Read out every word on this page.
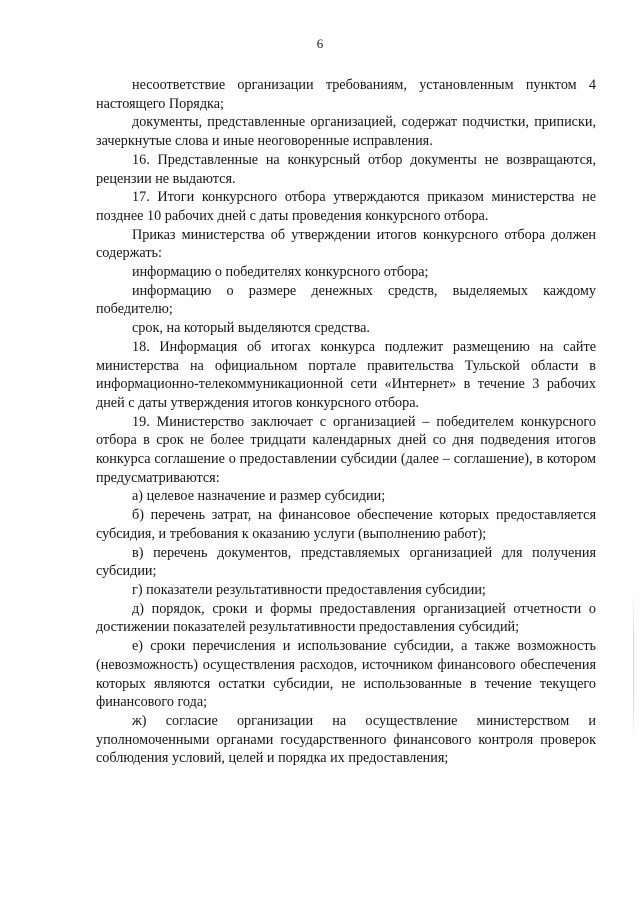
6

несоответствие организации требованиям, установленным пунктом 4 настоящего Порядка;

документы, представленные организацией, содержат подчистки, приписки, зачеркнутые слова и иные неоговоренные исправления.

16. Представленные на конкурсный отбор документы не возвращаются, рецензии не выдаются.

17. Итоги конкурсного отбора утверждаются приказом министерства не позднее 10 рабочих дней с даты проведения конкурсного отбора.

Приказ министерства об утверждении итогов конкурсного отбора должен содержать:

информацию о победителях конкурсного отбора;

информацию о размере денежных средств, выделяемых каждому победителю;

срок, на который выделяются средства.

18. Информация об итогах конкурса подлежит размещению на сайте министерства на официальном портале правительства Тульской области в информационно-телекоммуникационной сети «Интернет» в течение 3 рабочих дней с даты утверждения итогов конкурсного отбора.

19. Министерство заключает с организацией – победителем конкурсного отбора в срок не более тридцати календарных дней со дня подведения итогов конкурса соглашение о предоставлении субсидии (далее – соглашение), в котором предусматриваются:

а) целевое назначение и размер субсидии;

б) перечень затрат, на финансовое обеспечение которых предоставляется субсидия, и требования к оказанию услуги (выполнению работ);

в) перечень документов, представляемых организацией для получения субсидии;

г) показатели результативности предоставления субсидии;

д) порядок, сроки и формы предоставления организацией отчетности о достижении показателей результативности предоставления субсидий;

е) сроки перечисления и использование субсидии, а также возможность (невозможность) осуществления расходов, источником финансового обеспечения которых являются остатки субсидии, не использованные в течение текущего финансового года;

ж) согласие организации на осуществление министерством и уполномоченными органами государственного финансового контроля проверок соблюдения условий, целей и порядка их предоставления;
